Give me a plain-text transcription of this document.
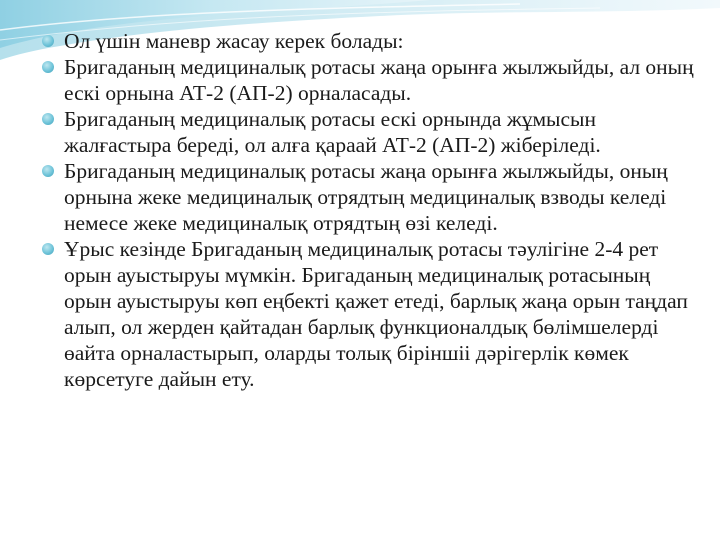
Ол үшін маневр жасау керек болады:
Бригаданың медициналық ротасы жаңа орынға жылжыйды, ал оның ескі орнына АТ-2 (АП-2) орналасады.
Бригаданың медициналық ротасы ескі орнында жұмысын жалғастыра береді, ол алға қараай АТ-2 (АП-2) жіберіледі.
Бригаданың медициналық ротасы жаңа орынға жылжыйды, оның орнына жеке медициналық отрядтың медициналық взводы келеді немесе жеке медициналық отрядтың өзі келеді.
Ұрыс кезінде Бригаданың медициналық ротасы тәулігіне 2-4 рет орын ауыстыруы мүмкін. Бригаданың медициналық ротасының орын ауыстыруы көп еңбекті қажет етеді, барлық жаңа орын таңдап алып, ол жерден қайтадан барлық функционалдық бөлімшелерді өайта орналастырып, оларды толық біріншіі дәрігерлік көмек көрсетуге дайын ету.
